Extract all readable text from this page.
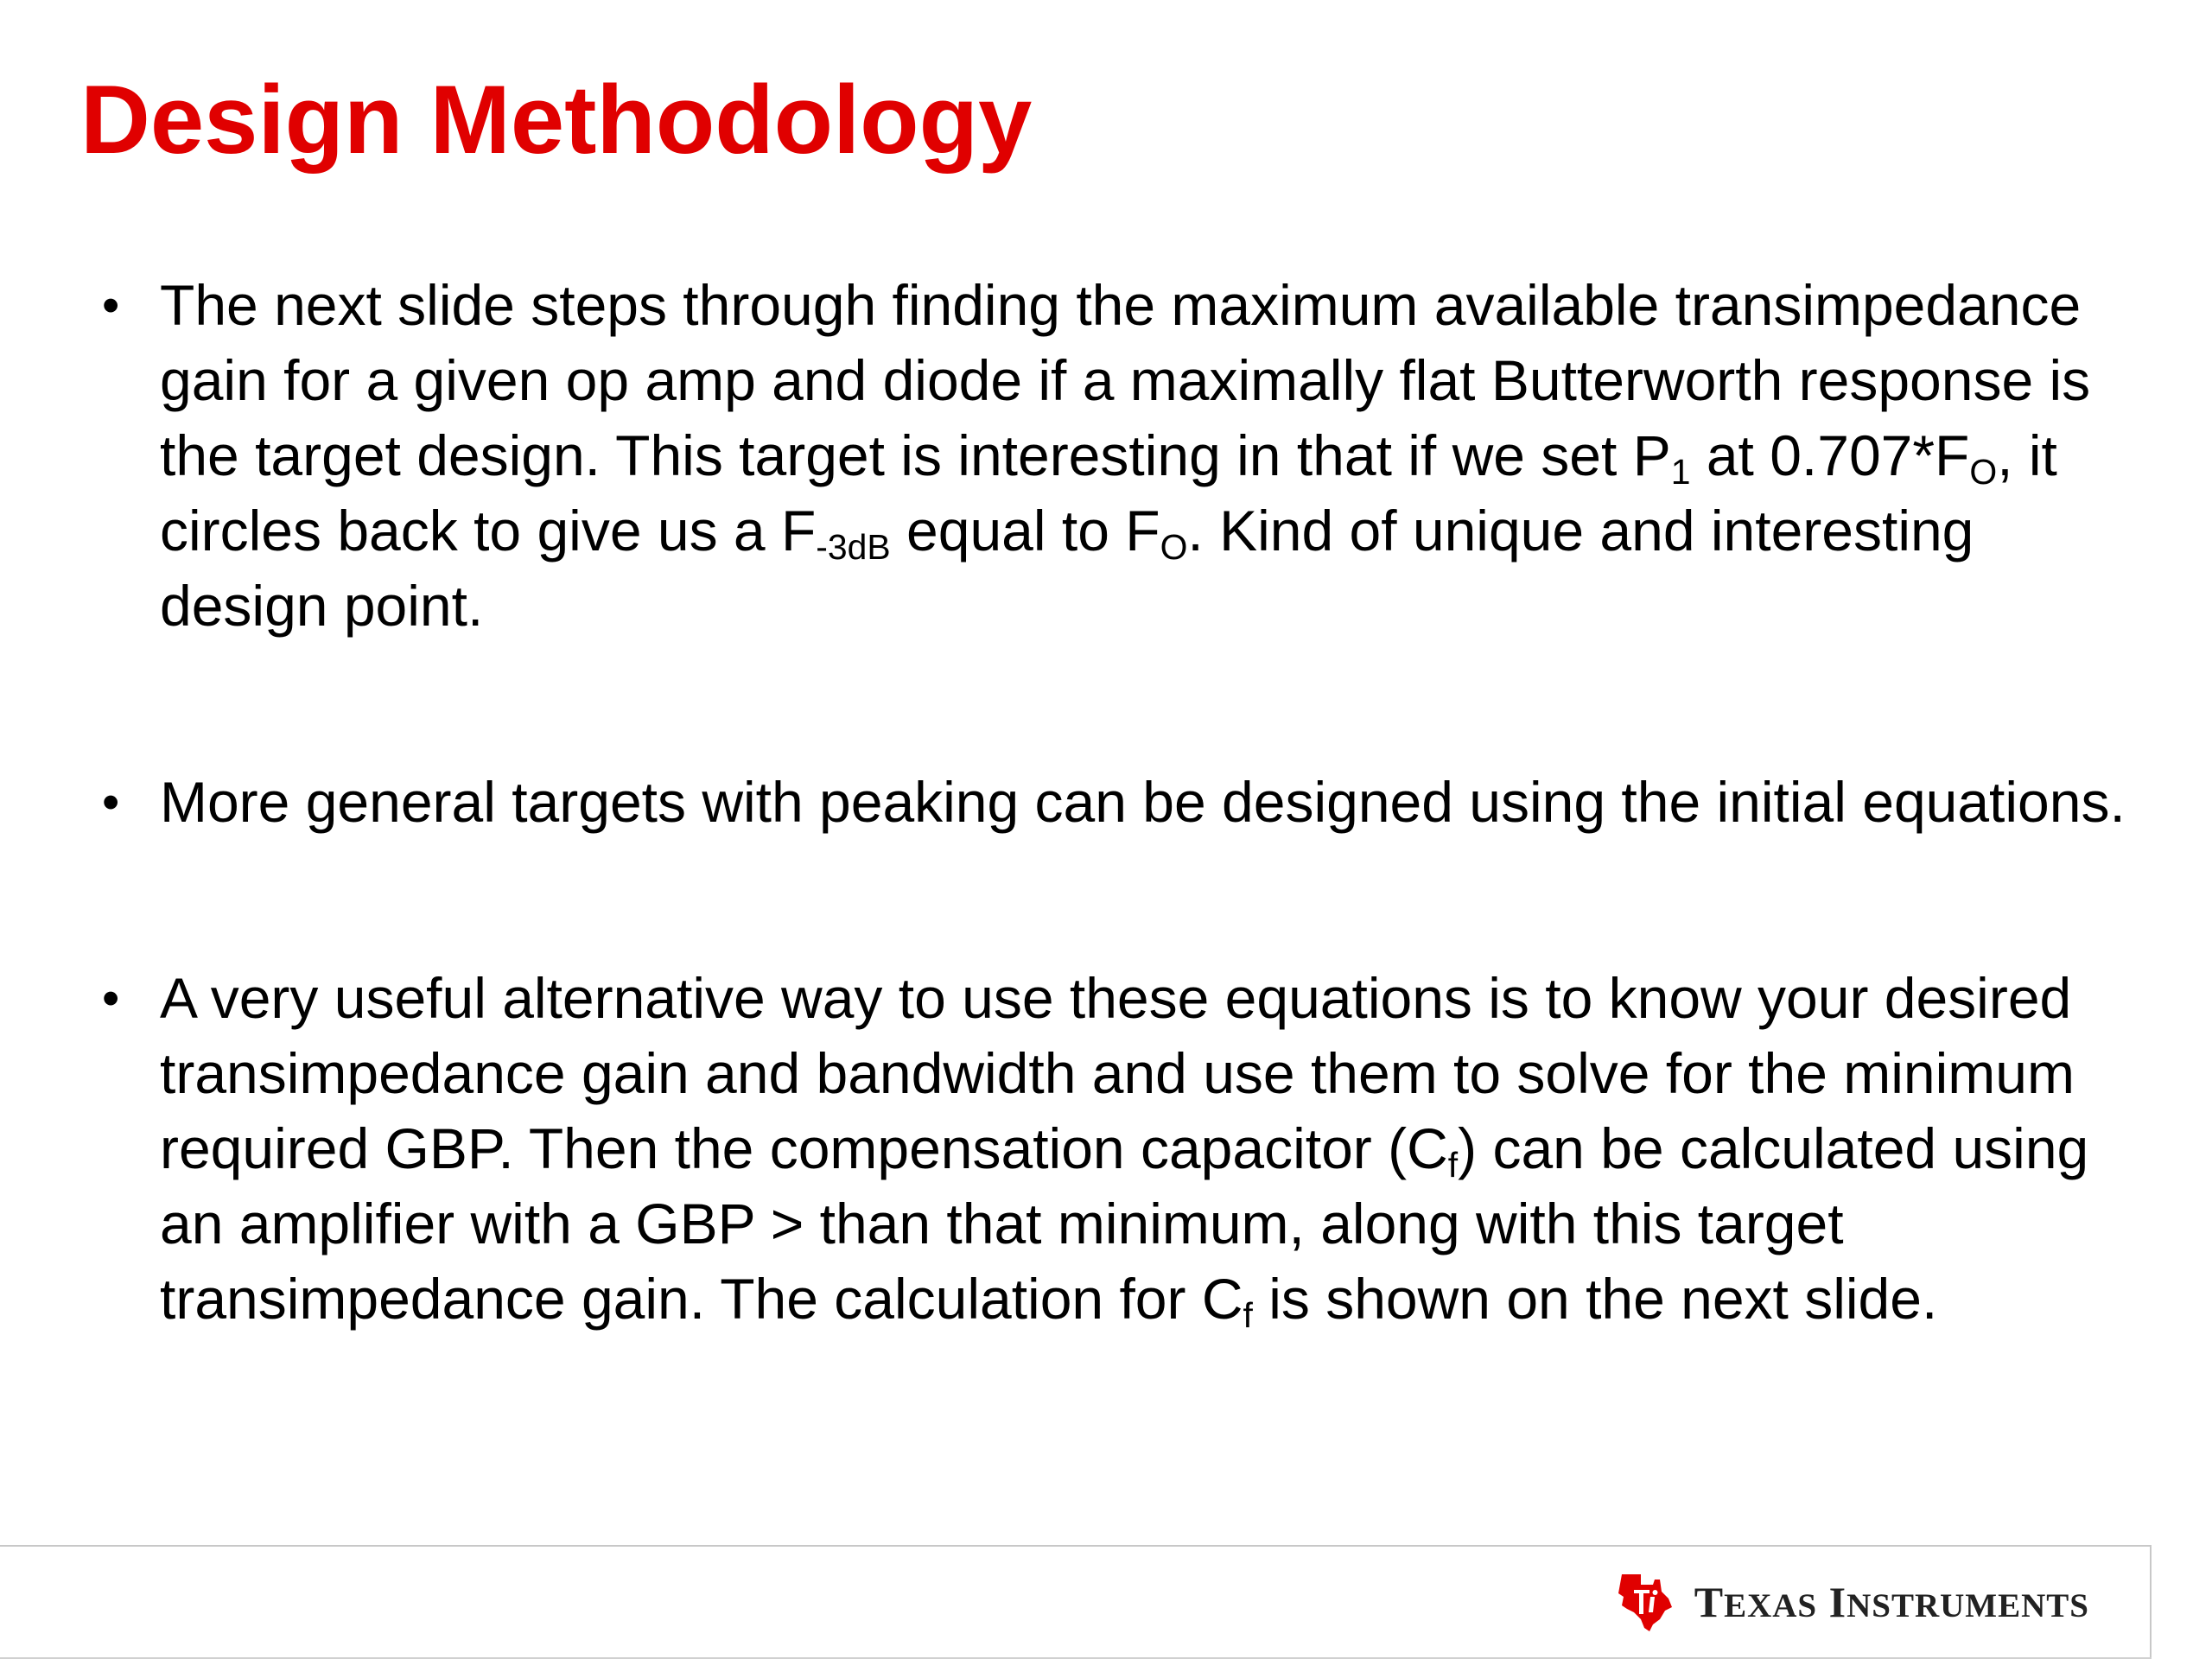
Design Methodology
• The next slide steps through finding the maximum available transimpedance gain for a given op amp and diode if a maximally flat Butterworth response is the target design. This target is interesting in that if we set $P_1$ at $0.707*F_O$, it circles back to give us a $F_{-3dB}$ equal to $F_O$. Kind of unique and interesting design point.
• More general targets with peaking can be designed using the initial equations.
• A very useful alternative way to use these equations is to know your desired transimpedance gain and bandwidth and use them to solve for the minimum required GBP. Then the compensation capacitor $(C_f)$ can be calculated using an amplifier with a GBP > than that minimum, along with this target transimpedance gain. The calculation for $C_f$ is shown on the next slide.
TEXAS INSTRUMENTS
